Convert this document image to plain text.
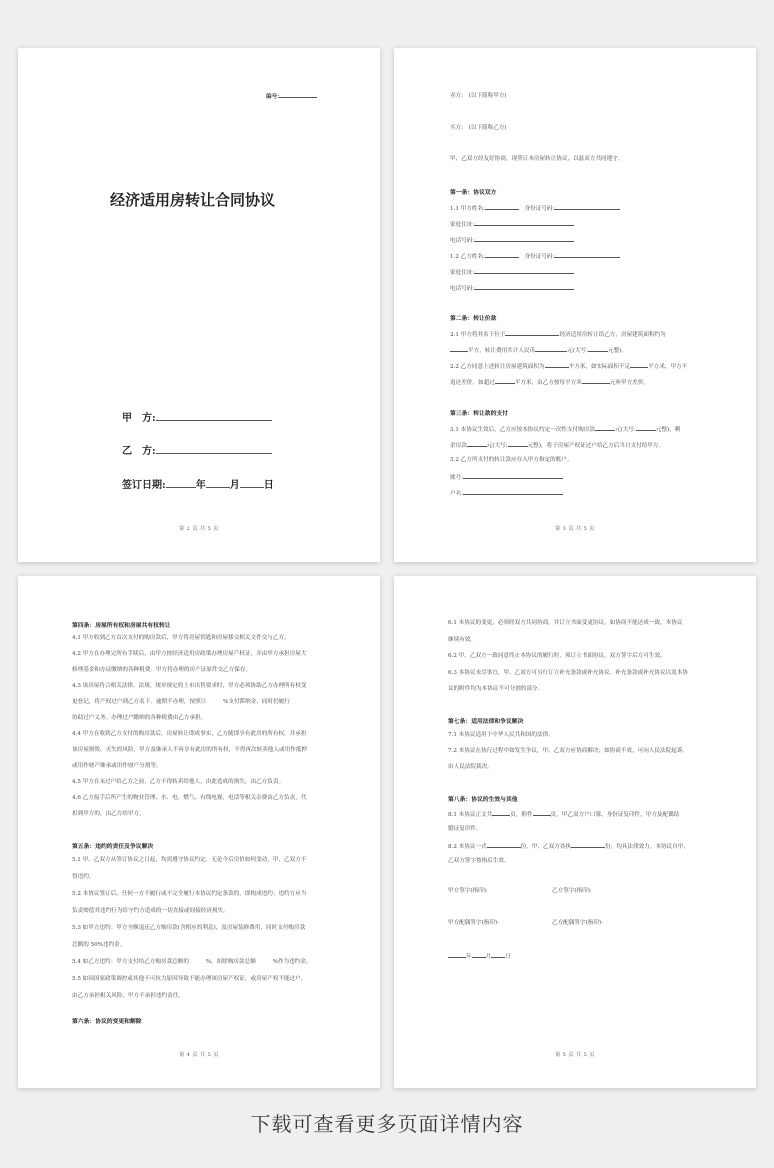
编号:
经济适用房转让合同协议
甲　方:
乙　方:
签订日期:	年 月 日
第 2 页 共 5 页
卖方:　(以下简称甲方)
买方:　(以下简称乙方)
甲、乙双方经友好协商，现签订本房屋转让协议，以兹双方共同遵守。
第一条：协议双方
1.1 甲方姓名:　	身份证号码:
家庭住址:
电话号码:
1.2 乙方姓名:　	身份证号码:
家庭住址:
电话号码:
第二条：转让价款
2.1 甲方将其名下位于	经济适用房转让给乙方，房屋建筑面积约为
平方，转让费用共计人民币	元(大写:	元整)。
2.2 乙方同意上述转让房屋建筑面积为	平方米，如实际面积不足	平方米，甲方不
退还差价，如超过	平方米，由乙方按每平方米	元补甲方差价。
第三条：转让款的支付
3.1 本协议生效后，乙方应按本协议约定一次性支付购房款	元(大写:	元整)，剩
余房款	元(大写:	元整)，将于房屋产权证过户给乙方后当日支付给甲方。
3.2 乙方所支付的转让款应存入甲方指定的账户。
账号:
户名:
第 3 页 共 5 页
第四条：房屋所有权和房屋共有权转让
4.1 甲方收到乙方首次支付的购房款后，甲方将房屋钥匙和房屋移交相关文件交与乙方。
4.2 甲方在办理完所有手续后，由甲方按经济适用房政策办理房屋产权证，并由甲方承担房屋大
修理基金和办证缴纳的各种税费。甲方将办理的房产证原件交乙方保存。
4.3 该房屋符合相关法律、法规、规章规定的上市出售要求时，甲方必须协助乙方办理所有权变
更登记，将产权过户到乙方名下。逾期不办理，按照日　　　%支付滞纳金，同时仍履行
协助过户义务。办理过户缴纳的各种税费由乙方承担。
4.4 甲方在收到乙方支付的购房款后，房屋转让即成事实，乙方随即享有此房的所有权，并承担
该房屋损毁、灭失的风险，甲方及继承人不再享有此房的所有权，不得再次转卖他人或用作抵押
或用作财产继承或用作财产分割等。
4.5 甲方在未过户给乙方之前，乙方不得转卖给他人，由此造成的损失，由乙方负责。
4.6 乙方接手后所产生的物业管理、水、电、燃气、有线电视、电话等相关杂费由乙方负责，代
扣到甲方的，由乙方给甲方。
第五条：违约的责任及争议解决
5.1 甲、乙双方从签订协议之日起，均需遵守协议约定，无论今后房价如何变动，甲、乙双方不
得违约。
5.2 本协议签订后，任何一方不履行或不完全履行本协议约定条款的，即构成违约；违约方应当
负责赔偿其违约行为给守约方造成的一切直接或间接经济损失。
5.3 如甲方违约：甲方全额退还乙方购房款(含相应的利息)，及房屋装修费用，同时支付购房款
总额的 50%违约金。
5.4 如乙方违约：甲方支付给乙方购房款总额的　　　%，扣除购房款总额　　　%作为违约金。
5.5 如因国家政策调控或其他不可抗力原因导致不能办理该房屋产权证，或房屋产权不能过户，
由乙方承担相关风险，甲方不承担违约责任。
第六条：协议的变更和解除
第 4 页 共 5 页
6.1 本协议的变更，必须经双方共同协商，并订立书面变更协议。如协商不能达成一致，本协议
继续有效。
6.2 甲、乙双方一致同意终止本协议的履行时，须订立书面协议，双方签字后方可生效。
6.3 本协议未尽事宜，甲、乙双方可另行订立补充条款或补充协议。补充条款或补充协议以及本协
议的附件均为本协议不可分割的部分。
第七条：适用法律和争议解决
7.1 本协议适用于中华人民共和国的法律。
7.2 本协议在执行过程中如发生争议，甲、乙双方应协商解决；如协商不成，可向人民法院起诉，
由人民法院裁决。
第八条：协议的生效与其他
8.1 本协议正文共	页，附件	页，甲乙双方户口簿、身份证复印件，甲方及配偶结
婚证复印件。
8.2 本协议一式	份，甲、乙双方各执	份，均具法律效力。本协议自甲、
乙双方签字按指后生效。
甲方签字(指印):	乙方签字(指印):
甲方配偶签字(指印):	乙方配偶签字(指印):
年	月	日
第 5 页 共 5 页
下载可查看更多页面详情内容
